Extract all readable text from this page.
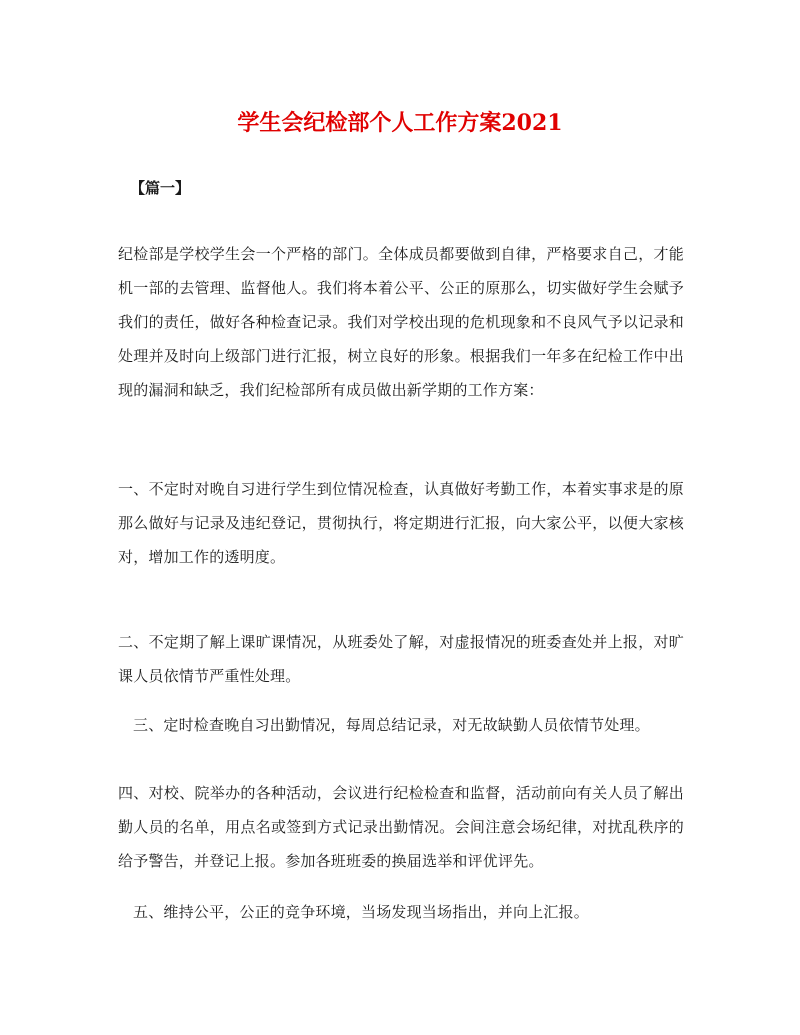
学生会纪检部个人工作方案2021
【篇一】

纪检部是学校学生会一个严格的部门。全体成员都要做到自律，严格要求自己，才能机一部的去管理、监督他人。我们将本着公平、公正的原那么，切实做好学生会赋予我们的责任，做好各种检查记录。我们对学校出现的危机现象和不良风气予以记录和处理并及时向上级部门进行汇报，树立良好的形象。根据我们一年多在纪检工作中出现的漏洞和缺乏，我们纪检部所有成员做出新学期的工作方案：

一、不定时对晚自习进行学生到位情况检查，认真做好考勤工作，本着实事求是的原那么做好与记录及违纪登记，贯彻执行，将定期进行汇报，向大家公平，以便大家核对，增加工作的透明度。

二、不定期了解上课旷课情况，从班委处了解，对虚报情况的班委查处并上报，对旷课人员依情节严重性处理。

三、定时检查晚自习出勤情况，每周总结记录，对无故缺勤人员依情节处理。

四、对校、院举办的各种活动，会议进行纪检检查和监督，活动前向有关人员了解出勤人员的名单，用点名或签到方式记录出勤情况。会间注意会场纪律，对扰乱秩序的给予警告，并登记上报。参加各班班委的换届选举和评优评先。

五、维持公平，公正的竞争环境，当场发现当场指出，并向上汇报。
